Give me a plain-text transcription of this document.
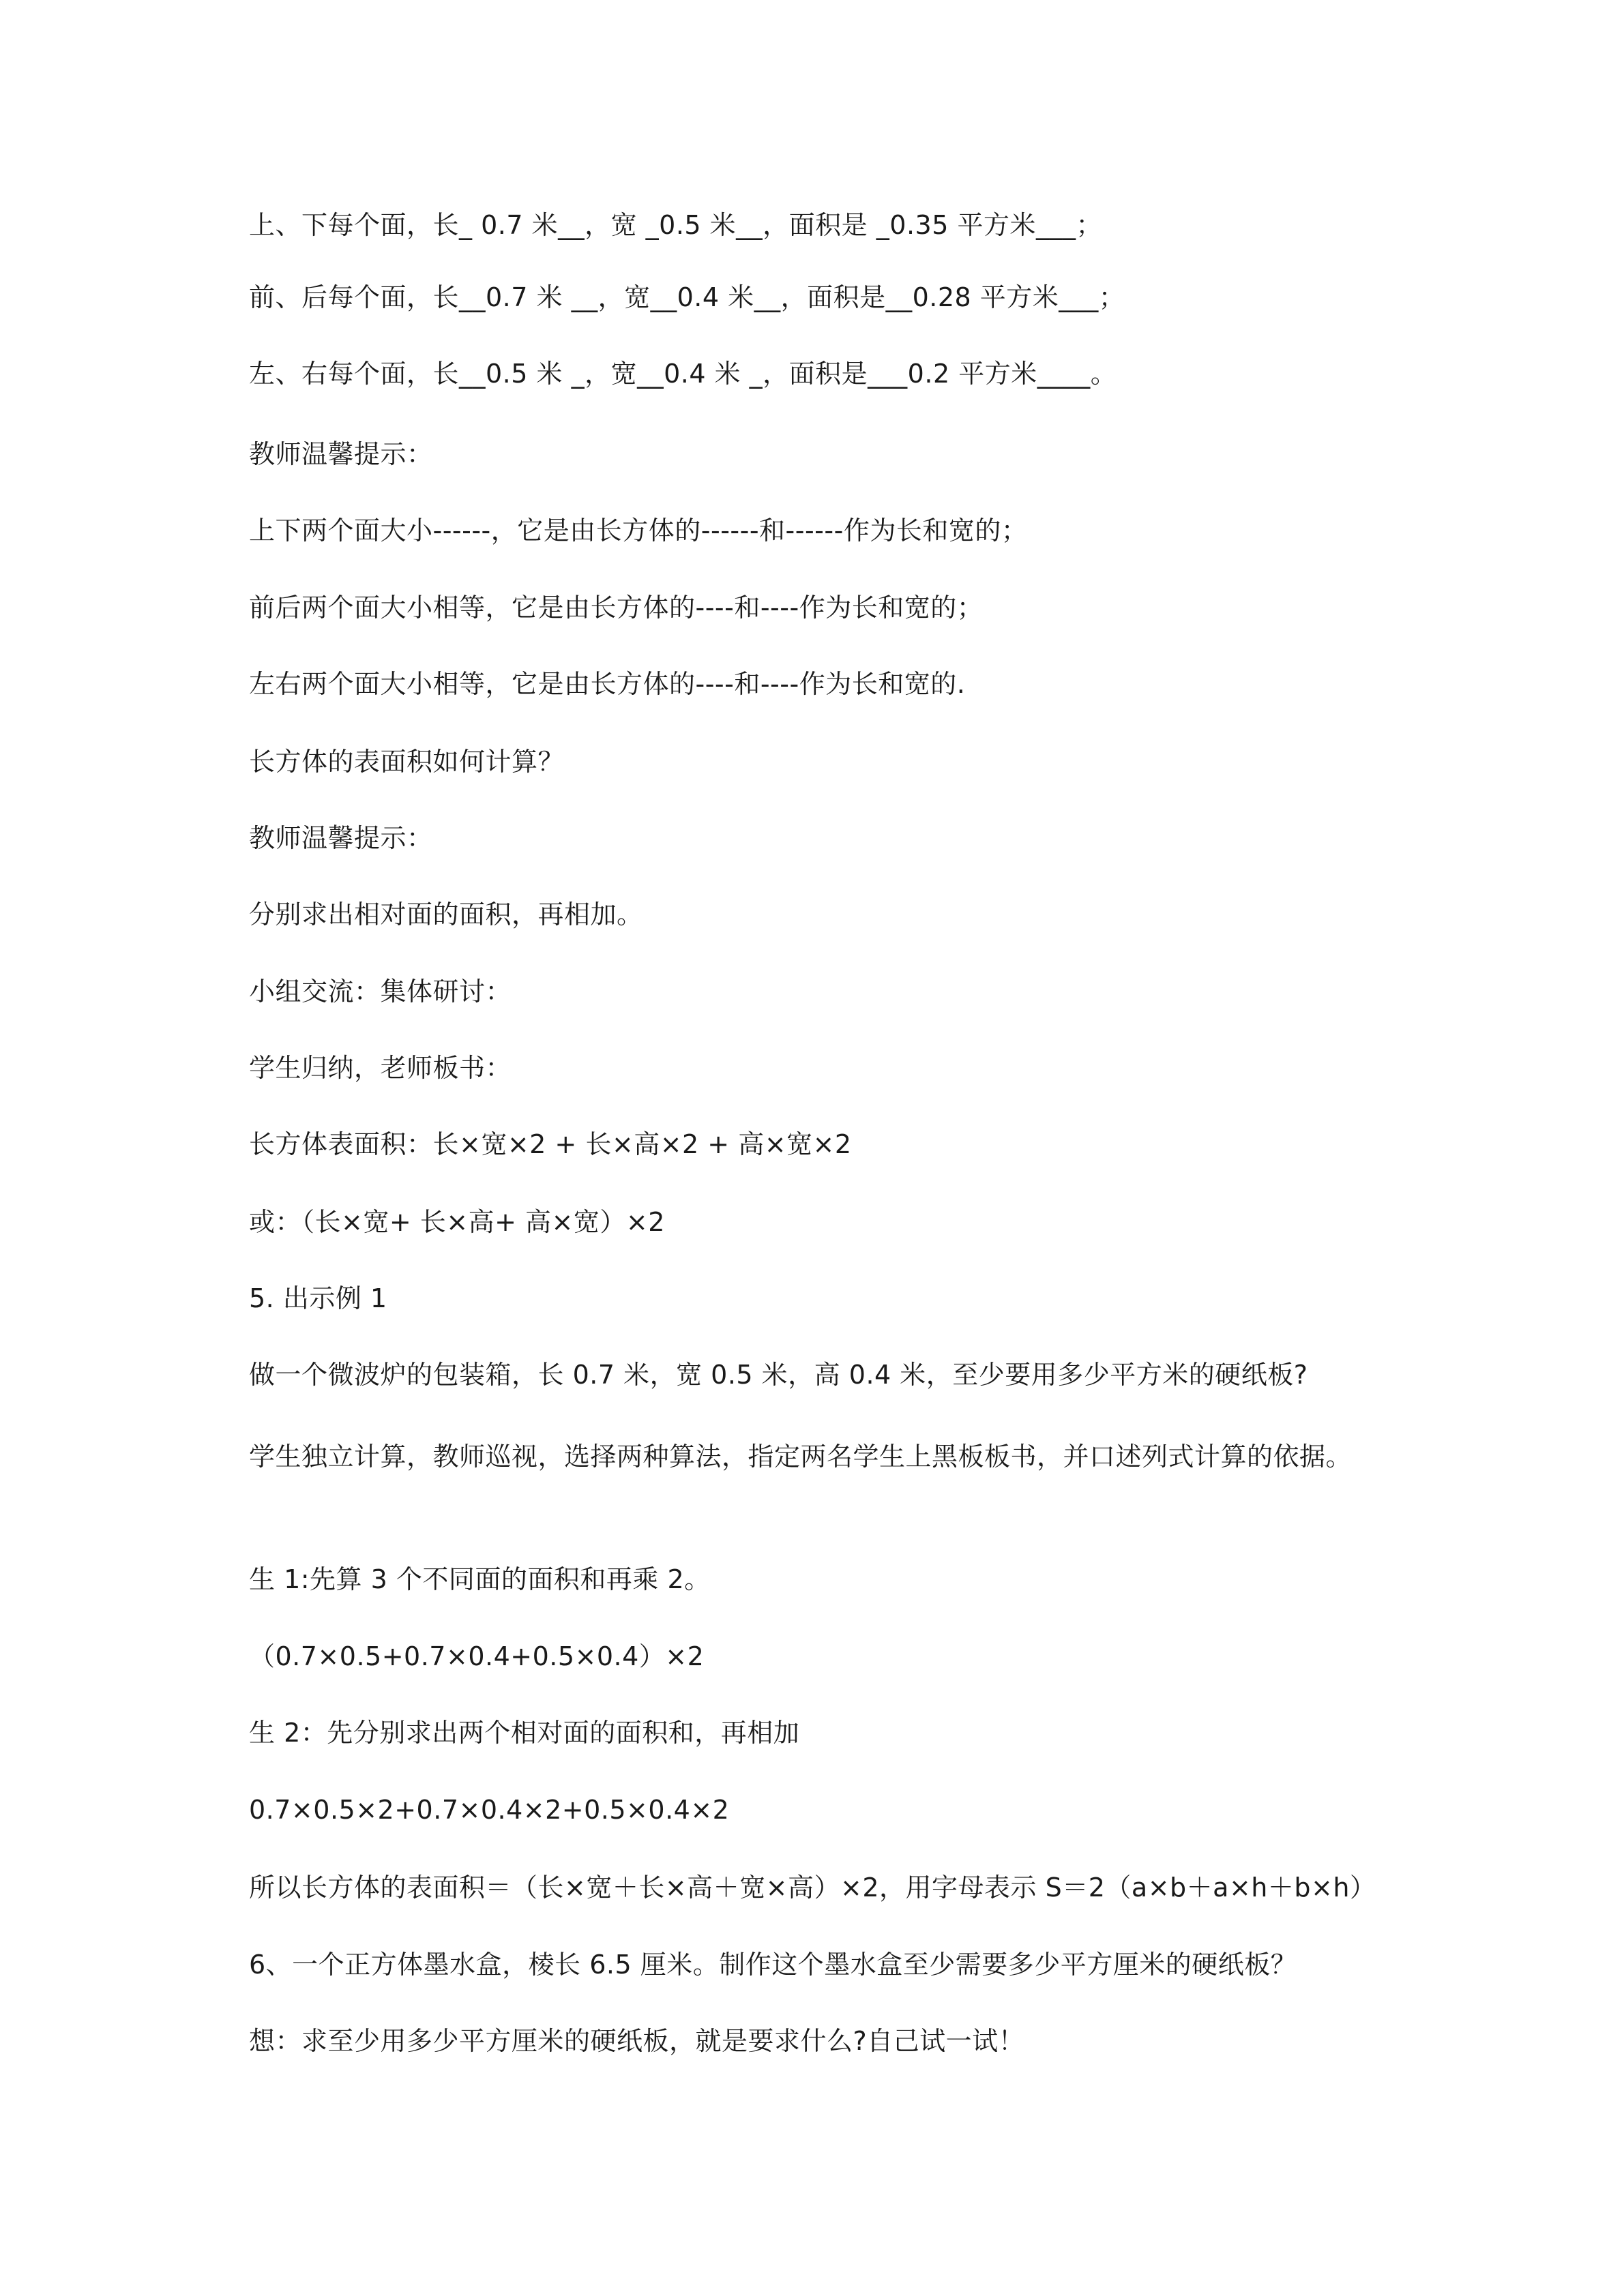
上、下每个面，长_ 0.7 米__，宽 _0.5 米__，面积是 _0.35 平方米___；
前、后每个面，长__0.7 米 __，宽__0.4 米__，面积是__0.28 平方米___；
左、右每个面，长__0.5 米 _，宽__0.4 米 _，面积是___0.2 平方米____。
教师温馨提示：
上下两个面大小------，它是由长方体的------和------作为长和宽的；
前后两个面大小相等，它是由长方体的----和----作为长和宽的；
左右两个面大小相等，它是由长方体的----和----作为长和宽的.
长方体的表面积如何计算？
教师温馨提示：
分别求出相对面的面积，再相加。
小组交流：集体研讨：
学生归纳，老师板书：
长方体表面积：长×宽×2 + 长×高×2 + 高×宽×2
或：（长×宽+ 长×高+ 高×宽）×2
5. 出示例 1
做一个微波炉的包装箱，长 0.7 米，宽 0.5 米，高 0.4 米，至少要用多少平方米的硬纸板?
学生独立计算，教师巡视，选择两种算法，指定两名学生上黑板板书，并口述列式计算的依据。
生 1:先算 3 个不同面的面积和再乘 2。
（0.7×0.5+0.7×0.4+0.5×0.4）×2
生 2：先分别求出两个相对面的面积和，再相加
0.7×0.5×2+0.7×0.4×2+0.5×0.4×2
所以长方体的表面积＝（长×宽＋长×高＋宽×高）×2，用字母表示 S＝2（a×b＋a×h＋b×h）
6、一个正方体墨水盒，棱长 6.5 厘米。制作这个墨水盒至少需要多少平方厘米的硬纸板？
想：求至少用多少平方厘米的硬纸板，就是要求什么?自己试一试！
